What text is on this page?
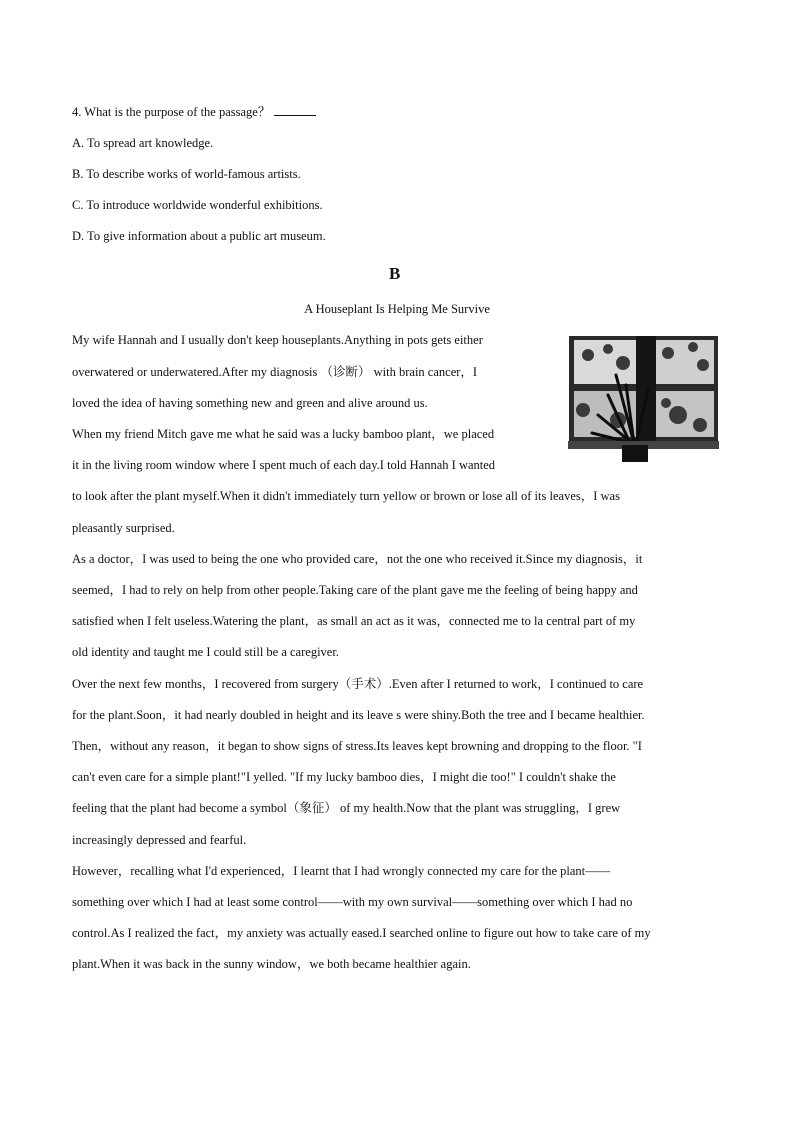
4. What is the purpose of the passage？
A. To spread art knowledge.
B. To describe works of world-famous artists.
C. To introduce worldwide wonderful exhibitions.
D. To give information about a public art museum.
B
A Houseplant Is Helping Me Survive
My wife Hannah and I usually don't keep houseplants.Anything in pots gets either
overwatered or underwatered.After my diagnosis （诊断） with brain cancer，I
loved the idea of having something new and green and alive around us.
When my friend Mitch gave me what he said was a lucky bamboo plant，we placed
it in the living room window where I spent much of each day.I told Hannah I wanted
to look after the plant myself.When it didn't immediately turn yellow or brown or lose all of its leaves，I was
pleasantly surprised.
As a doctor，I was used to being the one who provided care，not the one who received it.Since my diagnosis，it
seemed，I had to rely on help from other people.Taking care of the plant gave me the feeling of being happy and
satisfied when I felt useless.Watering the plant，as small an act as it was，connected me to la central part of my
old identity and taught me I could still be a caregiver.
Over the next few months，I recovered from surgery（手术）.Even after I returned to work，I continued to care
for the plant.Soon，it had nearly doubled in height and its leave s were shiny.Both the tree and I became healthier.
Then，without any reason，it began to show signs of stress.Its leaves kept browning and dropping to the floor. "I
can't even care for a simple plant!"I yelled. "If my lucky bamboo dies，I might die too!" I couldn't shake the
feeling that the plant had become a symbol（象征） of my health.Now that the plant was struggling，I grew
increasingly depressed and fearful.
However，recalling what I'd experienced，I learnt that I had wrongly connected my care for the plant——
something over which I had at least some control——with my own survival——something over which I had no
control.As I realized the fact，my anxiety was actually eased.I searched online to figure out how to take care of my
plant.When it was back in the sunny window，we both became healthier again.
